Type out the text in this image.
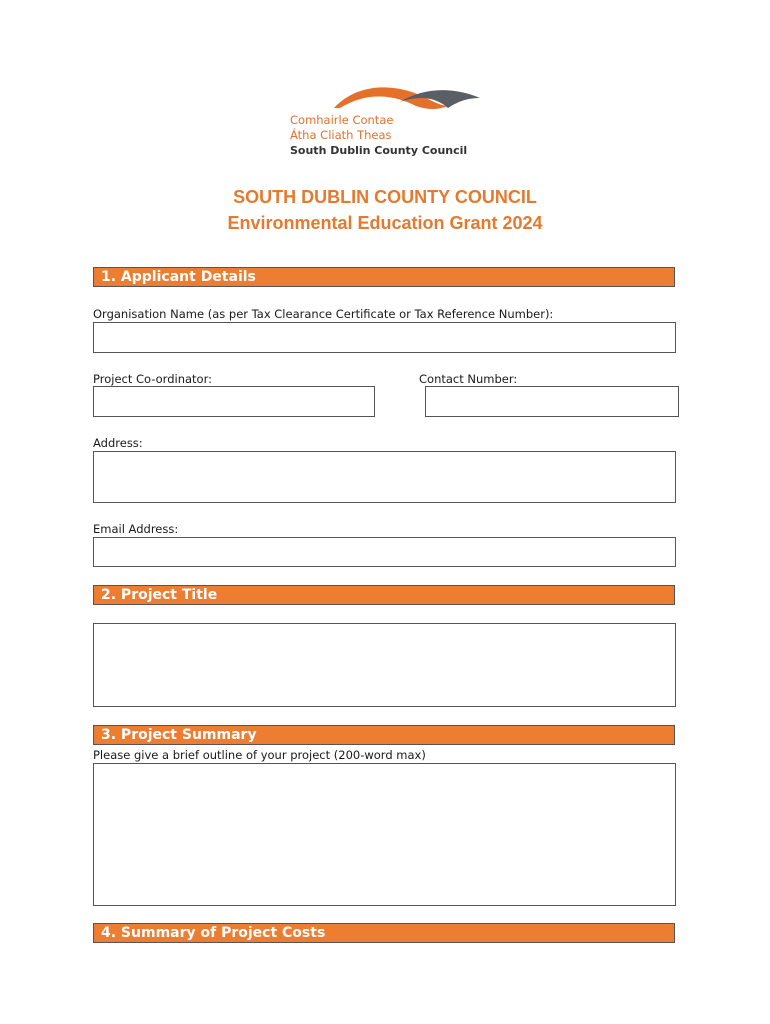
Comhairle Contae
Átha Cliath Theas
South Dublin County Council
SOUTH DUBLIN COUNTY COUNCIL
Environmental Education Grant 2024
1. Applicant Details
Organisation Name (as per Tax Clearance Certificate or Tax Reference Number):
Project Co-ordinator:	Contact Number:
Address:
Email Address:
2. Project Title
3. Project Summary
Please give a brief outline of your project (200-word max)
4. Summary of Project Costs
